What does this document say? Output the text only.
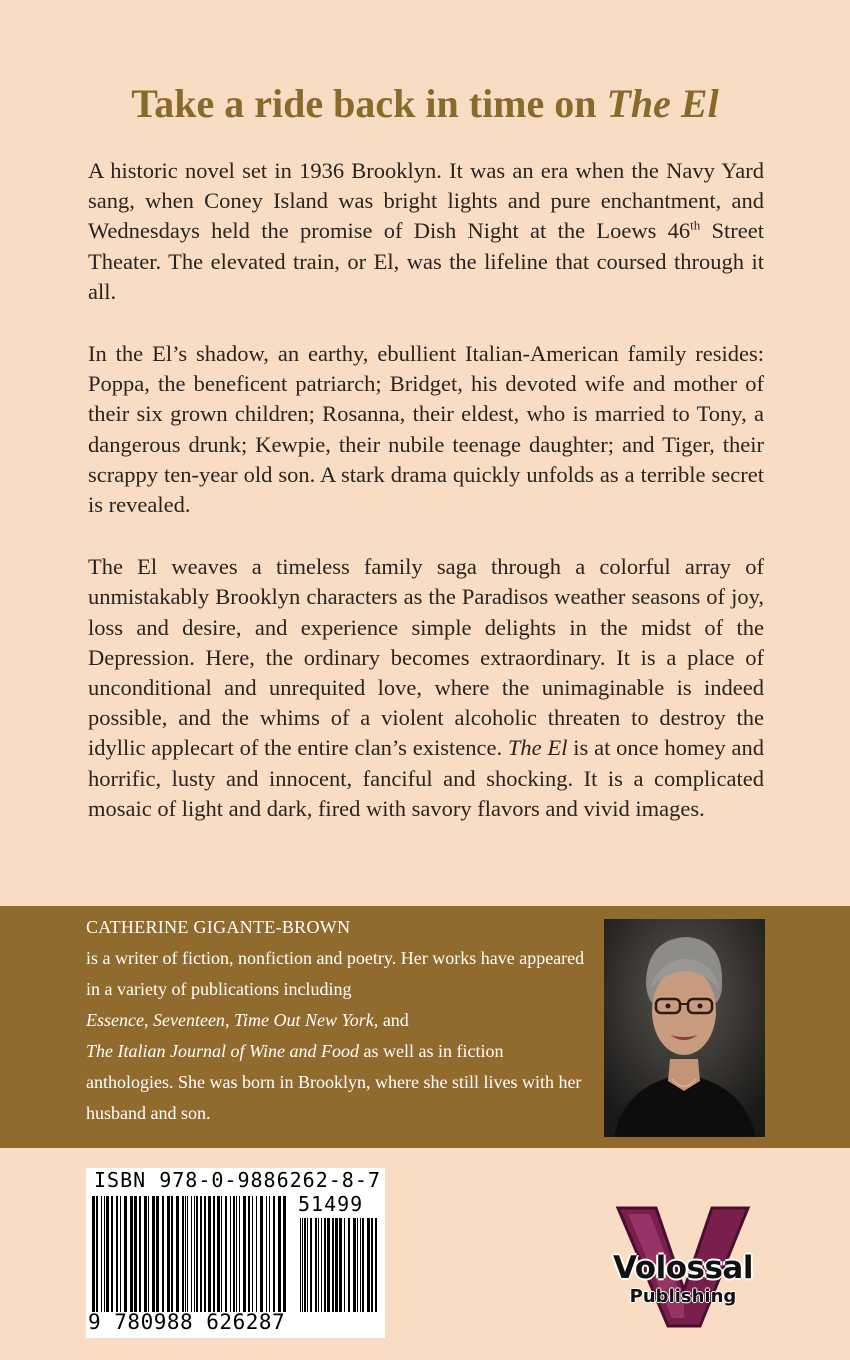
Take a ride back in time on The El

A historic novel set in 1936 Brooklyn. It was an era when the Navy Yard sang, when Coney Island was bright lights and pure enchantment, and Wednesdays held the promise of Dish Night at the Loews 46th Street Theater. The elevated train, or El, was the lifeline that coursed through it all.

In the El’s shadow, an earthy, ebullient Italian-American family resides: Poppa, the beneficent patriarch; Bridget, his devoted wife and mother of their six grown children; Rosanna, their eldest, who is married to Tony, a dangerous drunk; Kewpie, their nubile teenage daughter; and Tiger, their scrappy ten-year old son. A stark drama quickly unfolds as a terrible secret is revealed.

The El weaves a timeless family saga through a colorful array of unmistakably Brooklyn characters as the Paradisos weather seasons of joy, loss and desire, and experience simple delights in the midst of the Depression. Here, the ordinary becomes extraordinary. It is a place of unconditional and unrequited love, where the unimaginable is indeed possible, and the whims of a violent alcoholic threaten to destroy the idyllic applecart of the entire clan’s existence. The El is at once homey and horrific, lusty and innocent, fanciful and shocking. It is a complicated mosaic of light and dark, fired with savory flavors and vivid images.

CATHERINE GIGANTE-BROWN
is a writer of fiction, nonfiction and poetry. Her works have appeared in a variety of publications including
Essence, Seventeen, Time Out New York, and
The Italian Journal of Wine and Food as well as in fiction anthologies. She was born in Brooklyn, where she still lives with her husband and son.
ISBN 978-0-9886262-8-7
51499
9 780988 626287
Volossal
Publishing
